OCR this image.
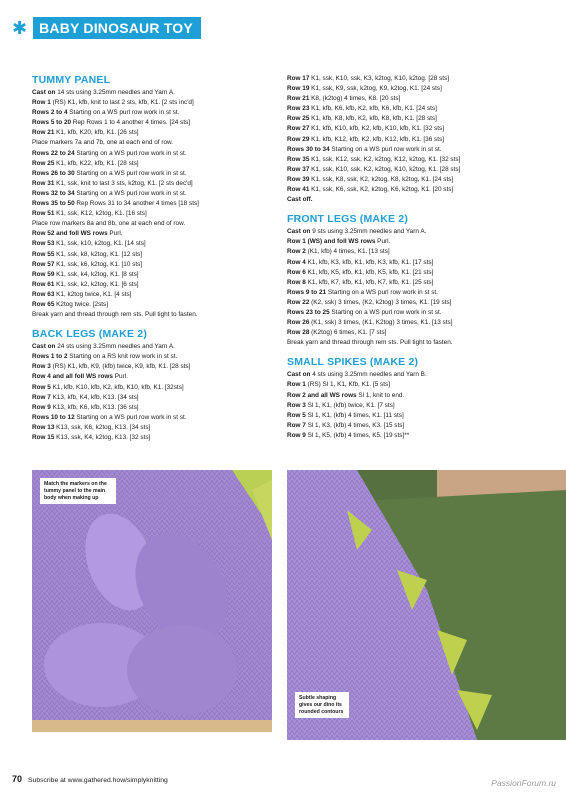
✱ BABY DINOSAUR TOY
TUMMY PANEL
Cast on 14 sts using 3.25mm needles and Yarn A.
Row 1 (RS) K1, kfb, knit to last 2 sts, kfb, K1. [2 sts inc'd]
Rows 2 to 4 Starting on a WS purl row work in st st.
Rows 5 to 20 Rep Rows 1 to 4 another 4 times. [24 sts]
Row 21 K1, kfb, K20, kfb, K1. [26 sts]
Place markers 7a and 7b, one at each end of row.
Rows 22 to 24 Starting on a WS purl row work in st st.
Row 25 K1, kfb, K22, kfb, K1. [28 sts]
Rows 26 to 30 Starting on a WS purl row work in st st.
Row 31 K1, ssk, knit to last 3 sts, k2tog, K1. [2 sts dec'd]
Rows 32 to 34 Starting on a WS purl row work in st st.
Rows 35 to 50 Rep Rows 31 to 34 another 4 times [18 sts]
Row 51 K1, ssk, K12, k2tog, K1. [16 sts]
Place row markers 8a and 8b, one at each end of row.
Row 52 and foll WS rows Purl.
Row 53 K1, ssk, k10, k2tog, K1. [14 sts]
Row 55 K1, ssk, k8, k2tog, K1. [12 sts]
Row 57 K1, ssk, k6, k2tog, K1. [10 sts]
Row 59 K1, ssk, k4, k2tog, K1. [8 sts]
Row 61 K1, ssk, k2, k2tog, K1. [6 sts]
Row 63 K1, k2tog twice, K1. [4 sts]
Row 65 K2tog twice. [2sts]
Break yarn and thread through rem sts. Pull tight to fasten.
BACK LEGS (MAKE 2)
Cast on 24 sts using 3.25mm needles and Yarn A.
Rows 1 to 2 Starting on a RS knit row work in st st.
Row 3 (RS) K1, kfb, K9, (kfb) twice, K9, kfb, K1. [28 sts]
Row 4 and all foll WS rows Purl.
Row 5 K1, kfb, K10, kfb, K2, kfb, K10, kfb, K1. [32sts]
Row 7 K13, kfb, K4, kfb, K13. [34 sts]
Row 9 K13, kfb, K6, kfb, K13. [36 sts]
Rows 10 to 12 Starting on a WS purl row work in st st.
Row 13 K13, ssk, K6, k2tog, K13. [34 sts]
Row 15 K13, ssk, K4, k2tog, K13. [32 sts]
Row 17 K1, ssk, K10, ssk, K3, k2tog, K10, k2tog. [28 sts]
Row 19 K1, ssk, K9, ssk, k2tog, K9, k2tog, K1. [24 sts]
Row 21 K8, (k2tog) 4 times, K8. [20 sts]
Row 23 K1, kfb, K6, kfb, K2, kfb, K6, kfb, K1. [24 sts]
Row 25 K1, kfb, K8, kfb, K2, kfb, K8, kfb, K1. [28 sts]
Row 27 K1, kfb, K10, kfb, K2, kfb, K10, kfb, K1. [32 sts]
Row 29 K1, kfb, K12, kfb, K2, kfb, K12, kfb, K1. [36 sts]
Rows 30 to 34 Starting on a WS purl row work in st st.
Row 35 K1, ssk, K12, ssk, K2, k2tog, K12, k2tog, K1. [32 sts]
Row 37 K1, ssk, K10, ssk, K2, k2tog, K10, k2tog, K1. [28 sts]
Row 39 K1, ssk, K8, ssk, K2, k2tog, K8, k2tog, K1. [24 sts]
Row 41 K1, ssk, K6, ssk, K2, k2tog, K6, k2tog, K1. [20 sts]
Cast off.
FRONT LEGS (MAKE 2)
Cast on 9 sts using 3.25mm needles and Yarn A.
Row 1 (WS) and foll WS rows Purl.
Row 2 (K1, kfb) 4 times, K1. [13 sts]
Row 4 K1, kfb, K3, kfb, K1, kfb, K3, kfb, K1. [17 sts]
Row 6 K1, kfb, K5, kfb, K1, kfb, K5, kfb, K1. [21 sts]
Row 8 K1, kfb, K7, kfb, K1, kfb, K7, kfb, K1. [25 sts]
Rows 9 to 21 Starting on a WS purl row work in st st.
Row 22 (K2, ssk) 3 times, (K2, k2tog) 3 times, K1. [19 sts]
Rows 23 to 25 Starting on a WS purl row work in st st.
Row 26 (K1, ssk) 3 times, (K1, K2tog) 3 times, K1. [13 sts]
Row 28 (K2tog) 6 times, K1. [7 sts]
Break yarn and thread through rem sts. Pull tight to fasten.
SMALL SPIKES (MAKE 2)
Cast on 4 sts using 3.25mm needles and Yarn B.
Row 1 (RS) Sl 1, K1, Kfb, K1. [5 sts]
Row 2 and all WS rows Sl 1, knit to end.
Row 3 Sl 1, K1, (kfb) twice, K1. [7 sts]
Row 5 Sl 1, K1, (kfb) 4 times, K1. [11 sts]
Row 7 Sl 1, K3, (kfb) 4 times, K3. [15 sts]
Row 9 Sl 1, K5, (kfb) 4 times, K5. [19 sts]**
Match the markers on the tummy panel to the main body when making up
Subtle shaping gives our dino its rounded contours
70 Subscribe at www.gathered.how/simplyknitting	PassionForum.ru
